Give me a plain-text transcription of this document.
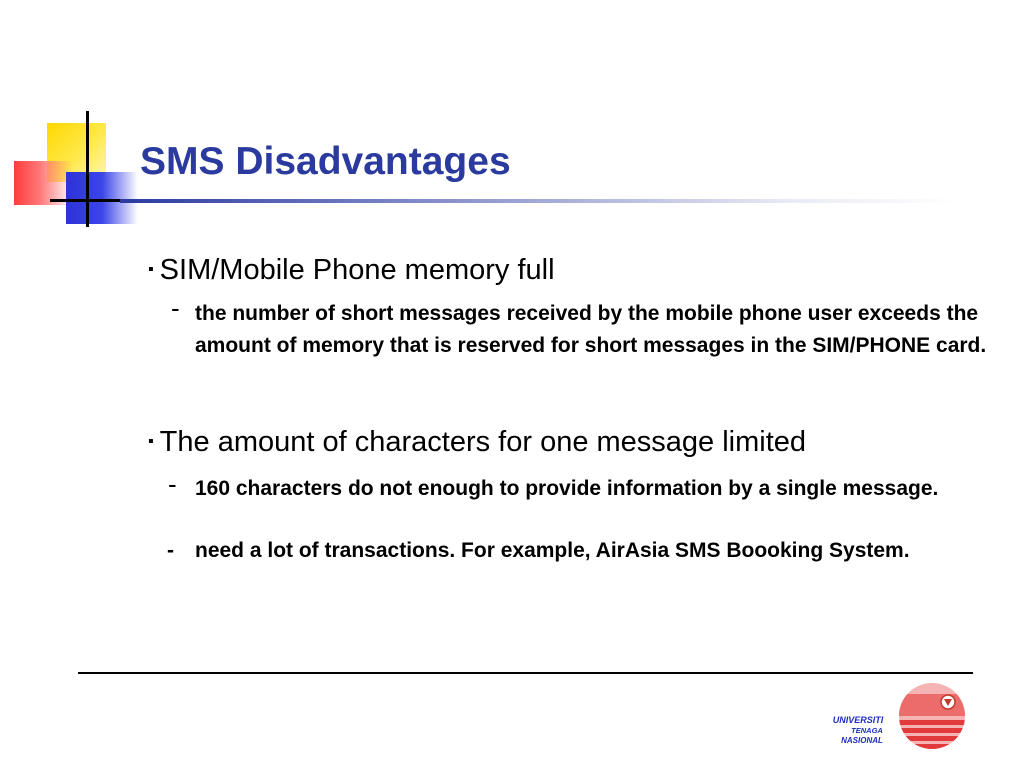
SMS Disadvantages
▪ SIM/Mobile Phone memory full
- the number of short messages received by the mobile phone user exceeds the amount of memory that is reserved for short messages in the SIM/PHONE card.
▪ The amount of characters for one message limited
- 160 characters do not enough to provide information by a single message.
- need a lot of transactions. For example, AirAsia SMS Boooking System.
UNIVERSITI
TENAGA
NASIONAL
